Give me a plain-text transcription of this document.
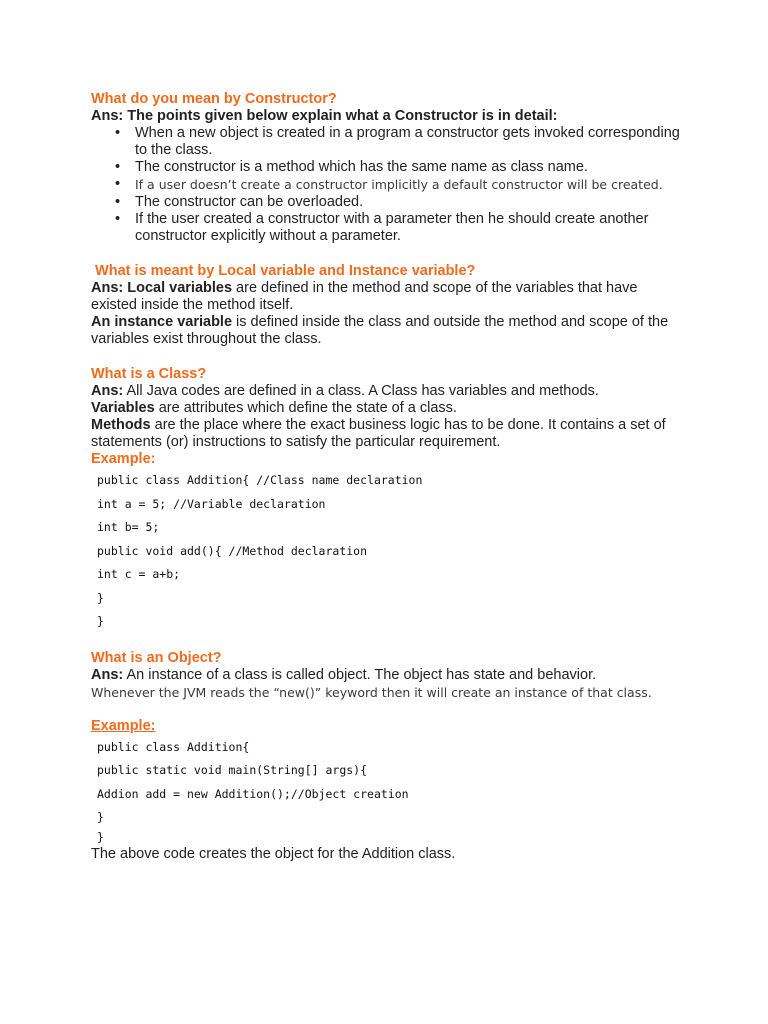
What do you mean by Constructor?
Ans: The points given below explain what a Constructor is in detail:
• When a new object is created in a program a constructor gets invoked corresponding to the class.
• The constructor is a method which has the same name as class name.
• If a user doesn’t create a constructor implicitly a default constructor will be created.
• The constructor can be overloaded.
• If the user created a constructor with a parameter then he should create another constructor explicitly without a parameter.
What is meant by Local variable and Instance variable?
Ans: Local variables are defined in the method and scope of the variables that have existed inside the method itself.
An instance variable is defined inside the class and outside the method and scope of the variables exist throughout the class.
What is a Class?
Ans: All Java codes are defined in a class. A Class has variables and methods.
Variables are attributes which define the state of a class.
Methods are the place where the exact business logic has to be done. It contains a set of statements (or) instructions to satisfy the particular requirement.
Example:
public class Addition{ //Class name declaration
int a = 5; //Variable declaration
int b= 5;
public void add(){ //Method declaration
int c = a+b;
}
}
What is an Object?
Ans: An instance of a class is called object. The object has state and behavior.
Whenever the JVM reads the “new()” keyword then it will create an instance of that class.
Example:
public class Addition{
public static void main(String[] args){
Addion add = new Addition();//Object creation
}
}
The above code creates the object for the Addition class.
